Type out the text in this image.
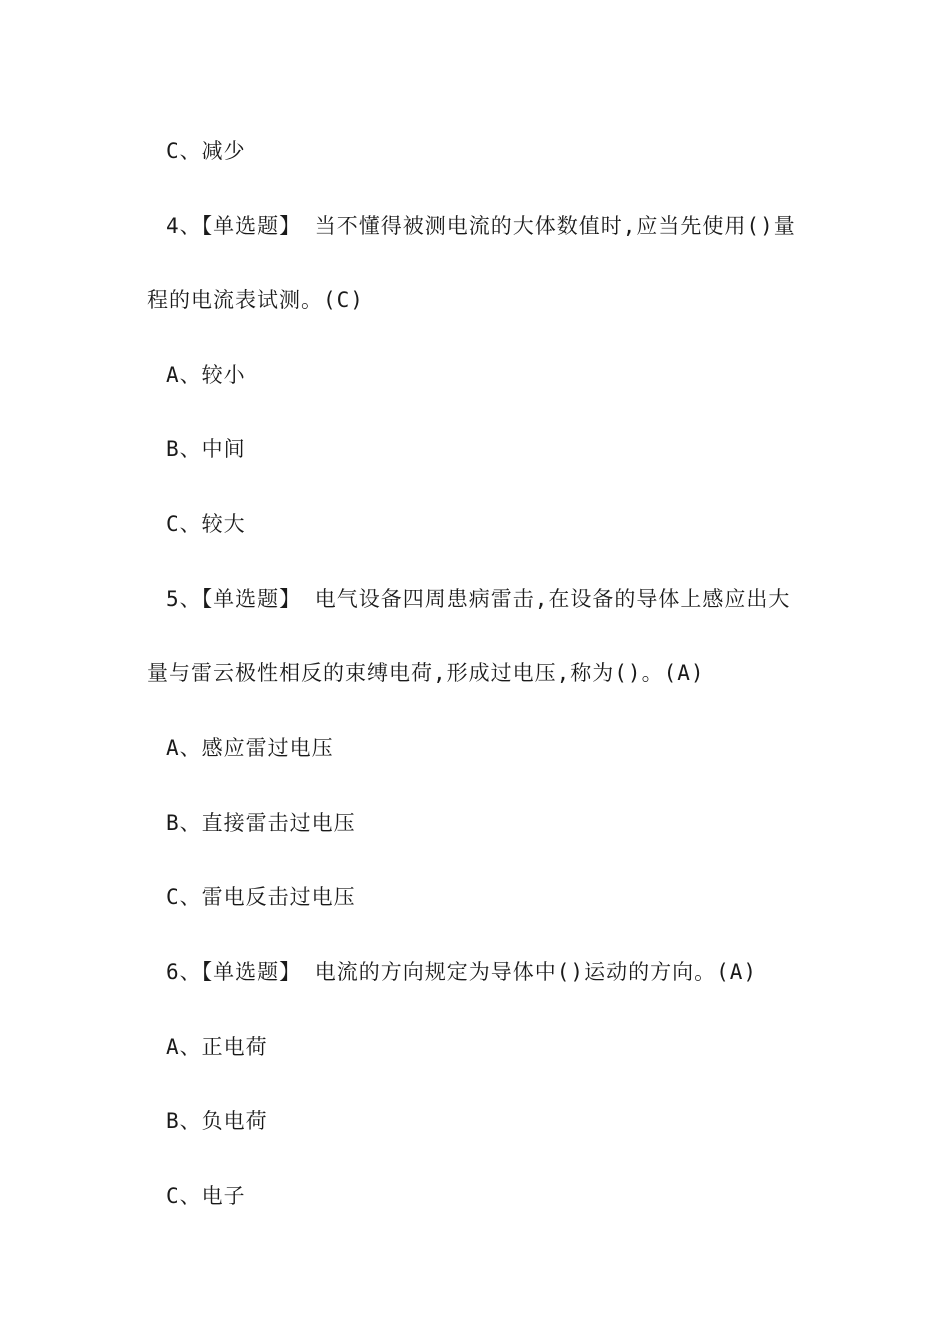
C、减少
4、【单选题】 当不懂得被测电流的大体数值时,应当先使用()量
程的电流表试测。(C)
A、较小
B、中间
C、较大
5、【单选题】 电气设备四周患病雷击,在设备的导体上感应出大
量与雷云极性相反的束缚电荷,形成过电压,称为()。(A)
A、感应雷过电压
B、直接雷击过电压
C、雷电反击过电压
6、【单选题】 电流的方向规定为导体中()运动的方向。(A)
A、正电荷
B、负电荷
C、电子
